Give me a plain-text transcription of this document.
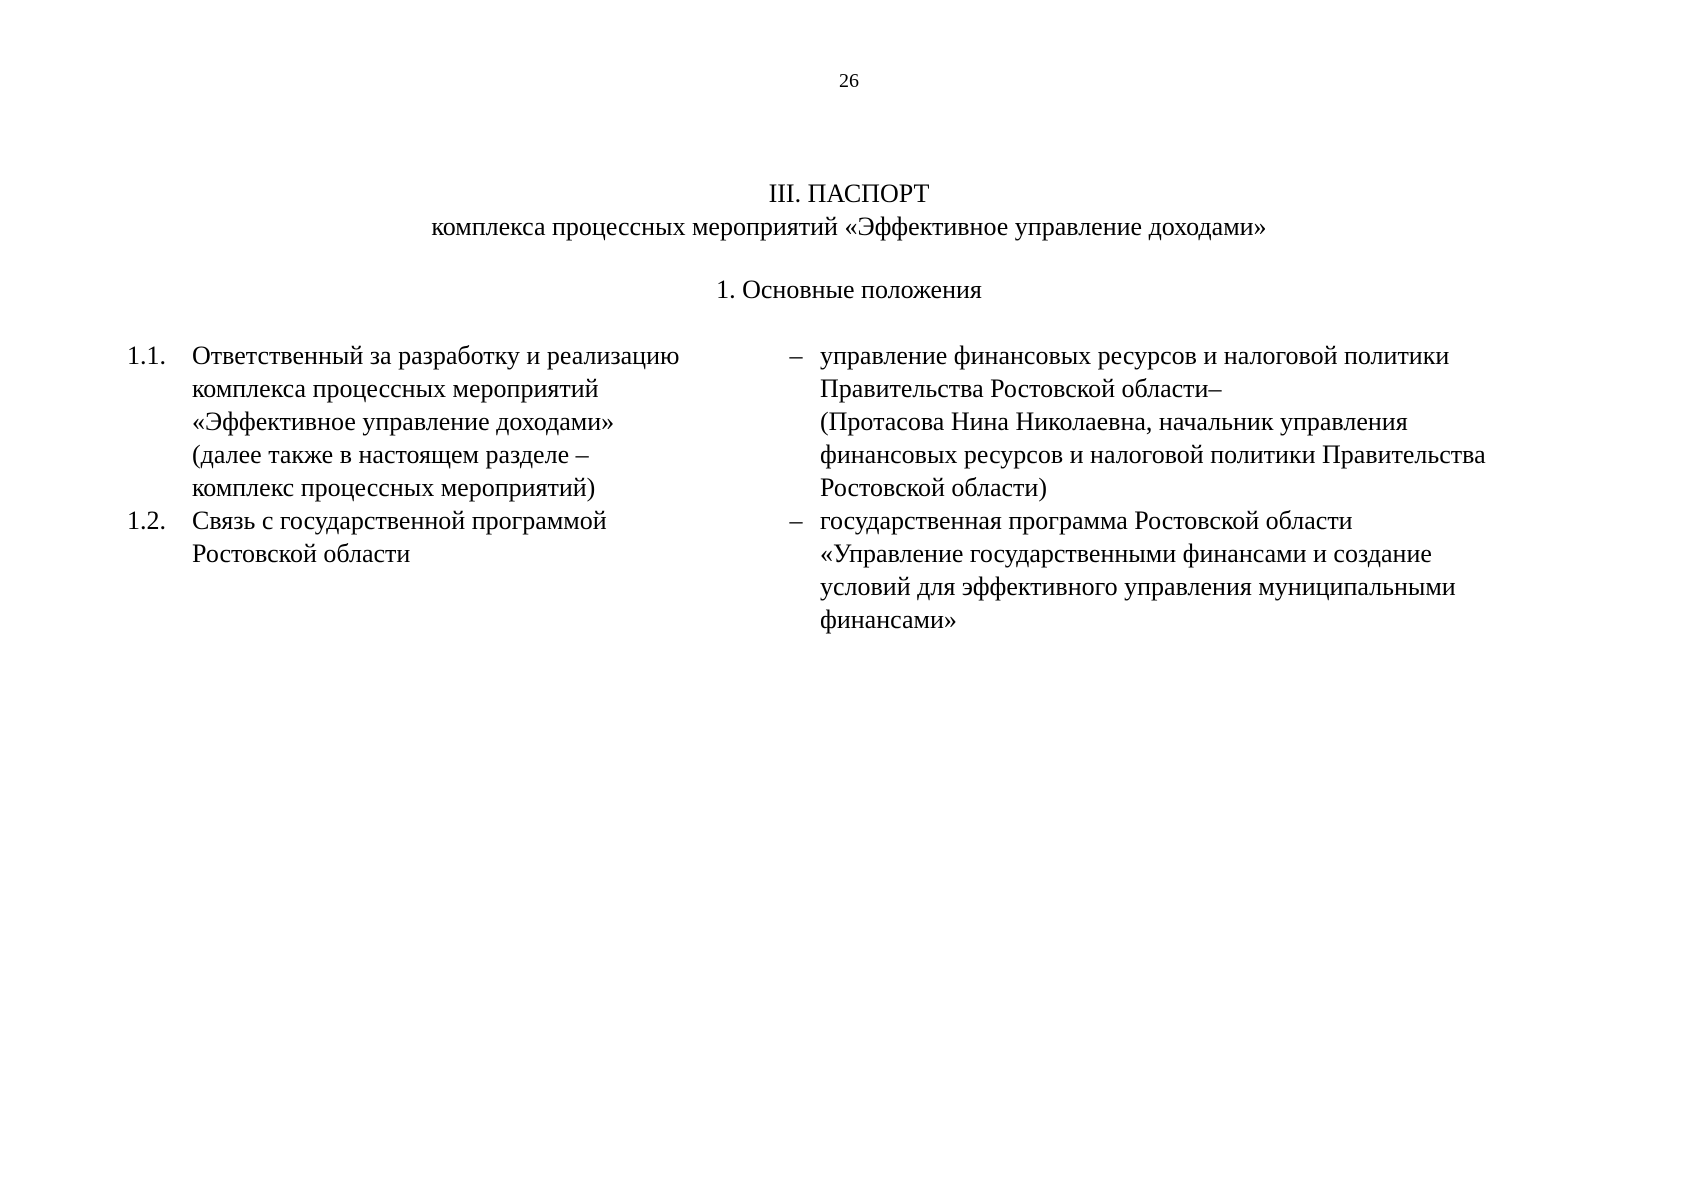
26
III. ПАСПОРТ
комплекса процессных мероприятий «Эффективное управление доходами»
1. Основные положения
1.1.	Ответственный за разработку и реализацию
комплекса процессных мероприятий
«Эффективное управление доходами»
(далее также в настоящем разделе –
комплекс процессных мероприятий)
– управление финансовых ресурсов и налоговой политики
Правительства Ростовской области–
(Протасова Нина Николаевна, начальник управления
финансовых ресурсов и налоговой политики Правительства
Ростовской области)
1.2.	Связь с государственной программой
Ростовской области
– государственная программа Ростовской области
«Управление государственными финансами и создание
условий для эффективного управления муниципальными
финансами»
